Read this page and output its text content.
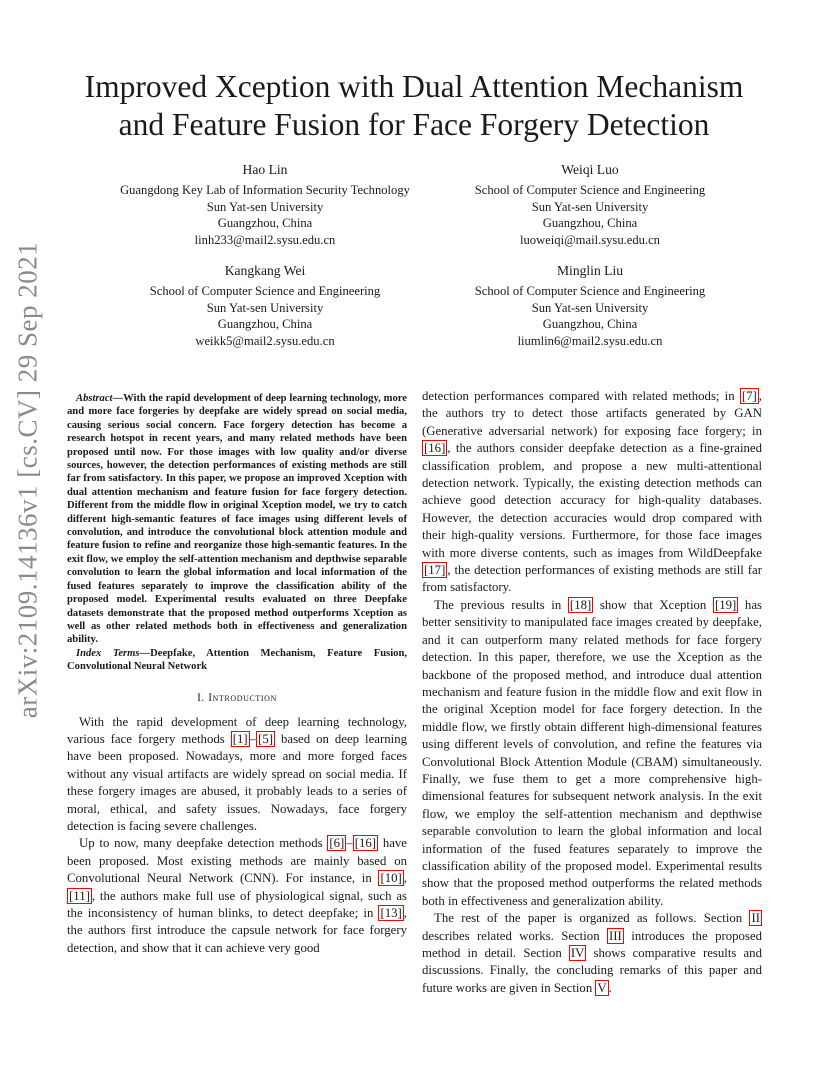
arXiv:2109.14136v1 [cs.CV] 29 Sep 2021
Improved Xception with Dual Attention Mechanism
and Feature Fusion for Face Forgery Detection
Hao Lin
Guangdong Key Lab of Information Security Technology
Sun Yat-sen University
Guangzhou, China
linh233@mail2.sysu.edu.cn
Weiqi Luo
School of Computer Science and Engineering
Sun Yat-sen University
Guangzhou, China
luoweiqi@mail.sysu.edu.cn
Kangkang Wei
School of Computer Science and Engineering
Sun Yat-sen University
Guangzhou, China
weikk5@mail2.sysu.edu.cn
Minglin Liu
School of Computer Science and Engineering
Sun Yat-sen University
Guangzhou, China
liumlin6@mail2.sysu.edu.cn

Abstract—With the rapid development of deep learning technology, more and more face forgeries by deepfake are widely spread on social media, causing serious social concern. Face forgery detection has become a research hotspot in recent years, and many related methods have been proposed until now. For those images with low quality and/or diverse sources, however, the detection performances of existing methods are still far from satisfactory. In this paper, we propose an improved Xception with dual attention mechanism and feature fusion for face forgery detection. Different from the middle flow in original Xception model, we try to catch different high-semantic features of face images using different levels of convolution, and introduce the convolutional block attention module and feature fusion to refine and reorganize those high-semantic features. In the exit flow, we employ the self-attention mechanism and depthwise separable convolution to learn the global information and local information of the fused features separately to improve the classification ability of the proposed model. Experimental results evaluated on three Deepfake datasets demonstrate that the proposed method outperforms Xception as well as other related methods both in effectiveness and generalization ability.

Index Terms—Deepfake, Attention Mechanism, Feature Fusion, Convolutional Neural Network

I. Introduction

With the rapid development of deep learning technology, various face forgery methods [1] – [5] based on deep learning have been proposed. Nowadays, more and more forged faces without any visual artifacts are widely spread on social media. If these forgery images are abused, it probably leads to a series of moral, ethical, and safety issues. Nowadays, face forgery detection is facing severe challenges.

Up to now, many deepfake detection methods [6] – [16] have been proposed. Most existing methods are mainly based on Convolutional Neural Network (CNN). For instance, in [10] , [11] , the authors make full use of physiological signal, such as the inconsistency of human blinks, to detect deepfake; in [13] , the authors first introduce the capsule network for face forgery detection, and show that it can achieve very good

detection performances compared with related methods; in [7] , the authors try to detect those artifacts generated by GAN (Generative adversarial network) for exposing face forgery; in [16] , the authors consider deepfake detection as a fine-grained classification problem, and propose a new multi-attentional detection network. Typically, the existing detection methods can achieve good detection accuracy for high-quality databases. However, the detection accuracies would drop compared with their high-quality versions. Furthermore, for those face images with more diverse contents, such as images from WildDeepfake [17] , the detection performances of existing methods are still far from satisfactory.

The previous results in [18] show that Xception [19] has better sensitivity to manipulated face images created by deepfake, and it can outperform many related methods for face forgery detection. In this paper, therefore, we use the Xception as the backbone of the proposed method, and introduce dual attention mechanism and feature fusion in the middle flow and exit flow in the original Xception model for face forgery detection. In the middle flow, we firstly obtain different high-dimensional features using different levels of convolution, and refine the features via Convolutional Block Attention Module (CBAM) simultaneously. Finally, we fuse them to get a more comprehensive high-dimensional features for subsequent network analysis. In the exit flow, we employ the self-attention mechanism and depthwise separable convolution to learn the global information and local information of the fused features separately to improve the classification ability of the proposed model. Experimental results show that the proposed method outperforms the related methods both in effectiveness and generalization ability.

The rest of the paper is organized as follows. Section II describes related works. Section III introduces the proposed method in detail. Section IV shows comparative results and discussions. Finally, the concluding remarks of this paper and future works are given in Section V .
